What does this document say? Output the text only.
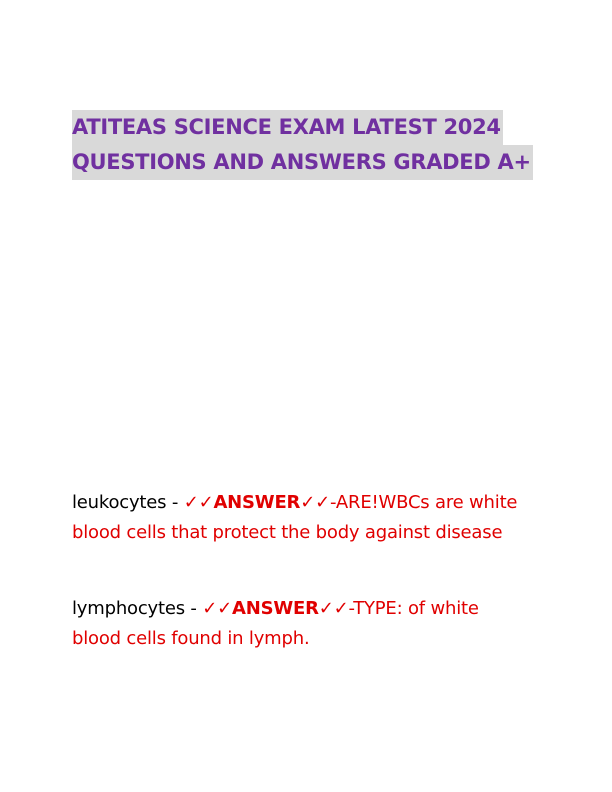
ATITEAS SCIENCE EXAM LATEST 2024
QUESTIONS AND ANSWERS GRADED A+
leukocytes - ✓✓ANSWER✓✓-ARE!WBCs are white
blood cells that protect the body against disease
lymphocytes - ✓✓ANSWER✓✓-TYPE: of white
blood cells found in lymph.
